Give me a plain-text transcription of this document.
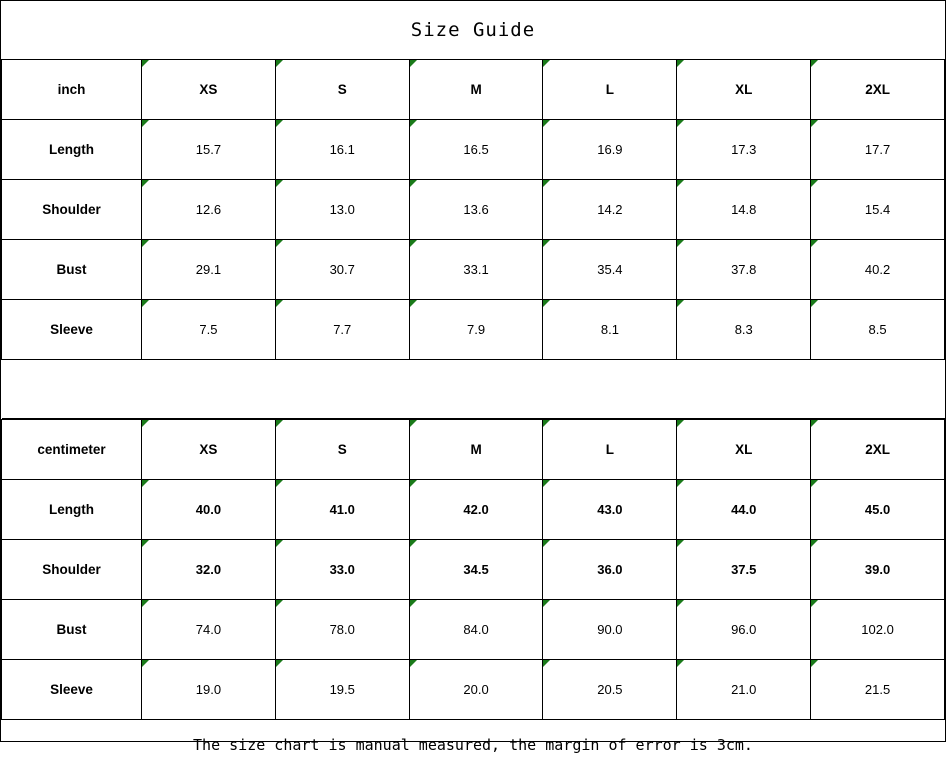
Size Guide
inch	XS	S	M	L	XL	2XL
Length	15.7	16.1	16.5	16.9	17.3	17.7
Shoulder	12.6	13.0	13.6	14.2	14.8	15.4
Bust	29.1	30.7	33.1	35.4	37.8	40.2
Sleeve	7.5	7.7	7.9	8.1	8.3	8.5

centimeter	XS	S	M	L	XL	2XL
Length	40.0	41.0	42.0	43.0	44.0	45.0
Shoulder	32.0	33.0	34.5	36.0	37.5	39.0
Bust	74.0	78.0	84.0	90.0	96.0	102.0
Sleeve	19.0	19.5	20.0	20.5	21.0	21.5
The size chart is manual measured, the margin of error is 3cm.
